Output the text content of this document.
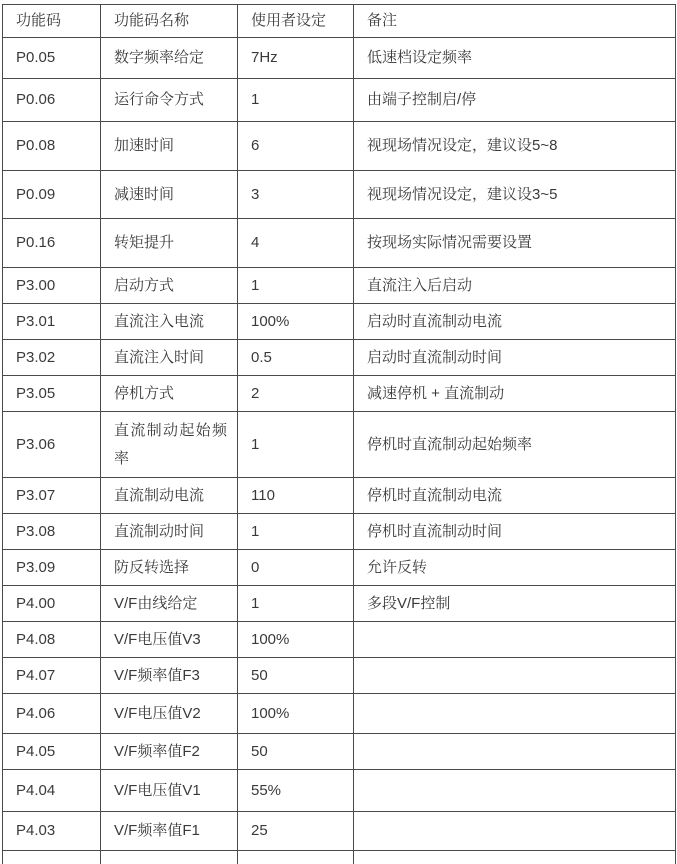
功能码	功能码名称	使用者设定	备注
P0.05	数字频率给定	7Hz	低速档设定频率
P0.06	运行命令方式	1	由端子控制启/停
P0.08	加速时间	6	视现场情况设定，建议设5~8
P0.09	减速时间	3	视现场情况设定，建议设3~5
P0.16	转矩提升	4	按现场实际情况需要设置
P3.00	启动方式	1	直流注入后启动
P3.01	直流注入电流	100%	启动时直流制动电流
P3.02	直流注入时间	0.5	启动时直流制动时间
P3.05	停机方式	2	减速停机 + 直流制动
P3.06	直流制动起始频率	1	停机时直流制动起始频率
P3.07	直流制动电流	110	停机时直流制动电流
P3.08	直流制动时间	1	停机时直流制动时间
P3.09	防反转选择	0	允许反转
P4.00	V/F由线给定	1	多段V/F控制
P4.08	V/F电压值V3	100%	
P4.07	V/F频率值F3	50	
P4.06	V/F电压值V2	100%	
P4.05	V/F频率值F2	50	
P4.04	V/F电压值V1	55%	
P4.03	V/F频率值F1	25	
